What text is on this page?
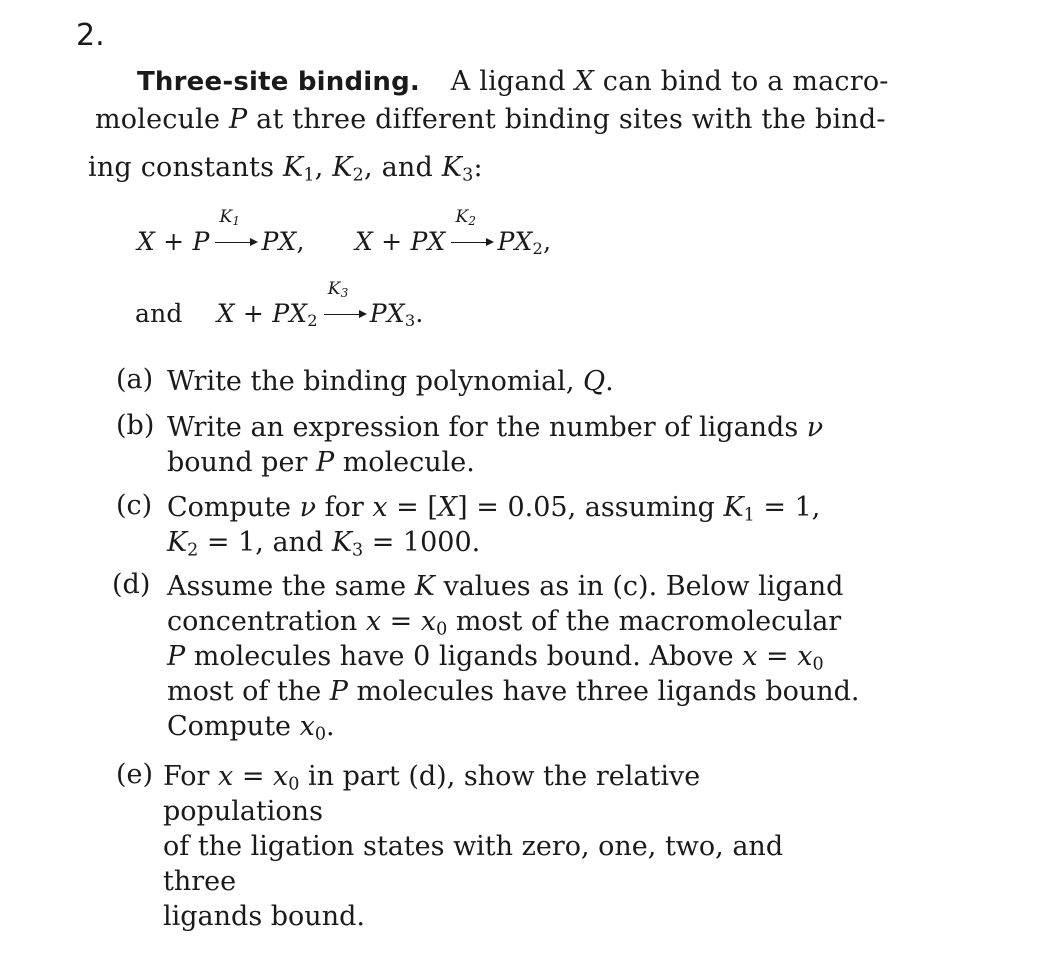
2.
Three-site binding. A ligand X can bind to a macro-
molecule P at three different binding sites with the bind-
ing constants $K_1$, $K_2$, and $K_3$:
X + P
$K_1$
PX, X + PX
$K_2$
$PX_2$,
and $X + PX_2$
$K_3$
$PX_3$.
(a) Write the binding polynomial, Q.
(b) Write an expression for the number of ligands ν
bound per P molecule.
(c) Compute ν for x = [X] = 0.05, assuming $K_1 = 1$,
$K_2 = 1$, and $K_3 = 1000$.
(d) Assume the same K values as in (c). Below ligand
concentration $x = x_0$ most of the macromolecular
P molecules have 0 ligands bound. Above $x = x_0$
most of the P molecules have three ligands bound.
Compute $x_0$.
(e) For $x = x_0$ in part (d), show the relative populations
of the ligation states with zero, one, two, and three
ligands bound.
